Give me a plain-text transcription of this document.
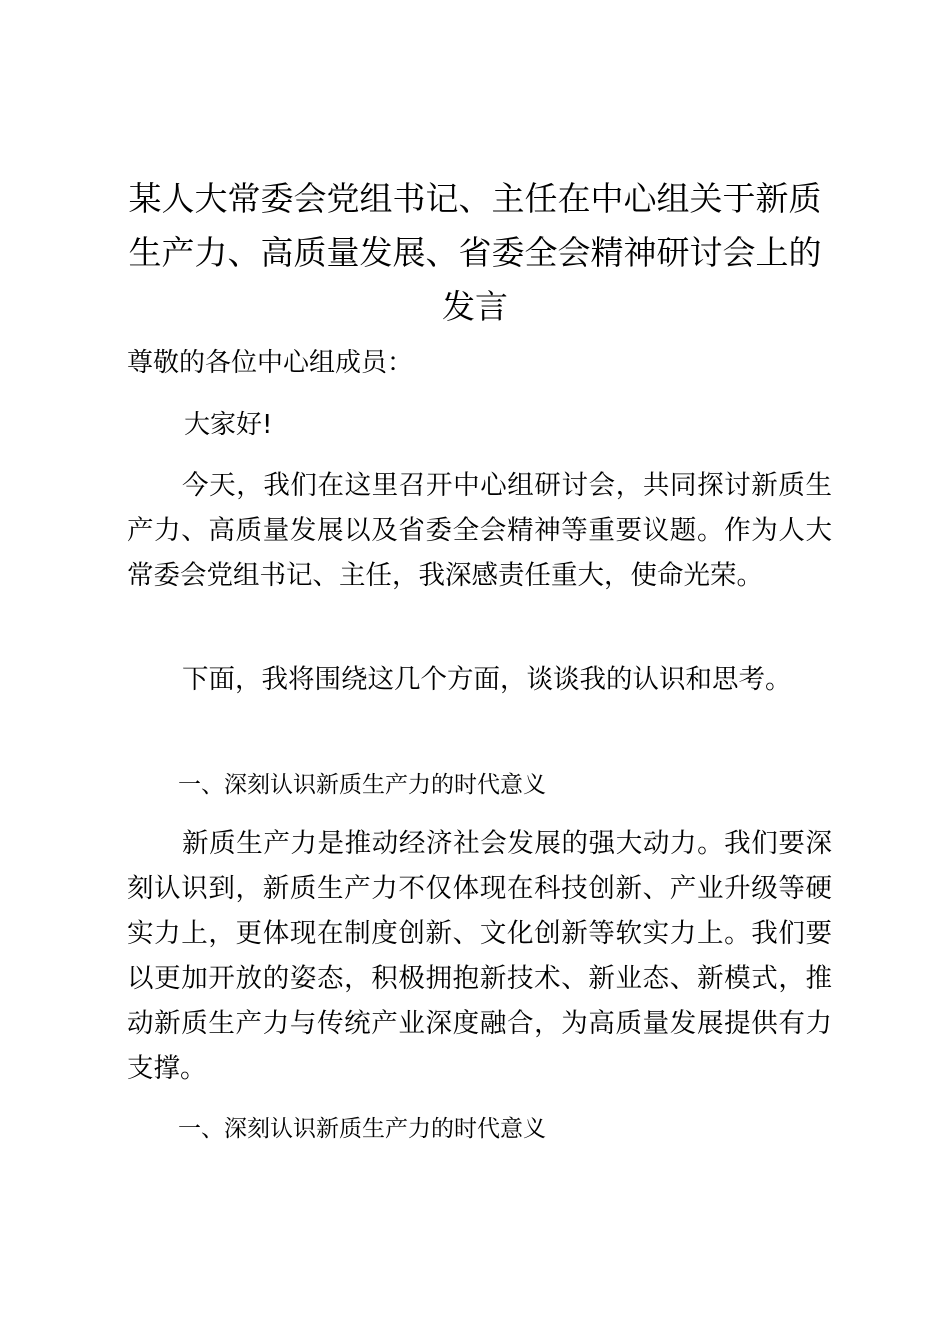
某人大常委会党组书记、主任在中心组关于新质生产力、高质量发展、省委全会精神研讨会上的发言

尊敬的各位中心组成员：

大家好!

今天，我们在这里召开中心组研讨会，共同探讨新质生产力、高质量发展以及省委全会精神等重要议题。作为人大常委会党组书记、主任，我深感责任重大，使命光荣。

下面，我将围绕这几个方面，谈谈我的认识和思考。

一、深刻认识新质生产力的时代意义

新质生产力是推动经济社会发展的强大动力。我们要深刻认识到，新质生产力不仅体现在科技创新、产业升级等硬实力上，更体现在制度创新、文化创新等软实力上。我们要以更加开放的姿态，积极拥抱新技术、新业态、新模式，推动新质生产力与传统产业深度融合，为高质量发展提供有力支撑。

一、深刻认识新质生产力的时代意义
